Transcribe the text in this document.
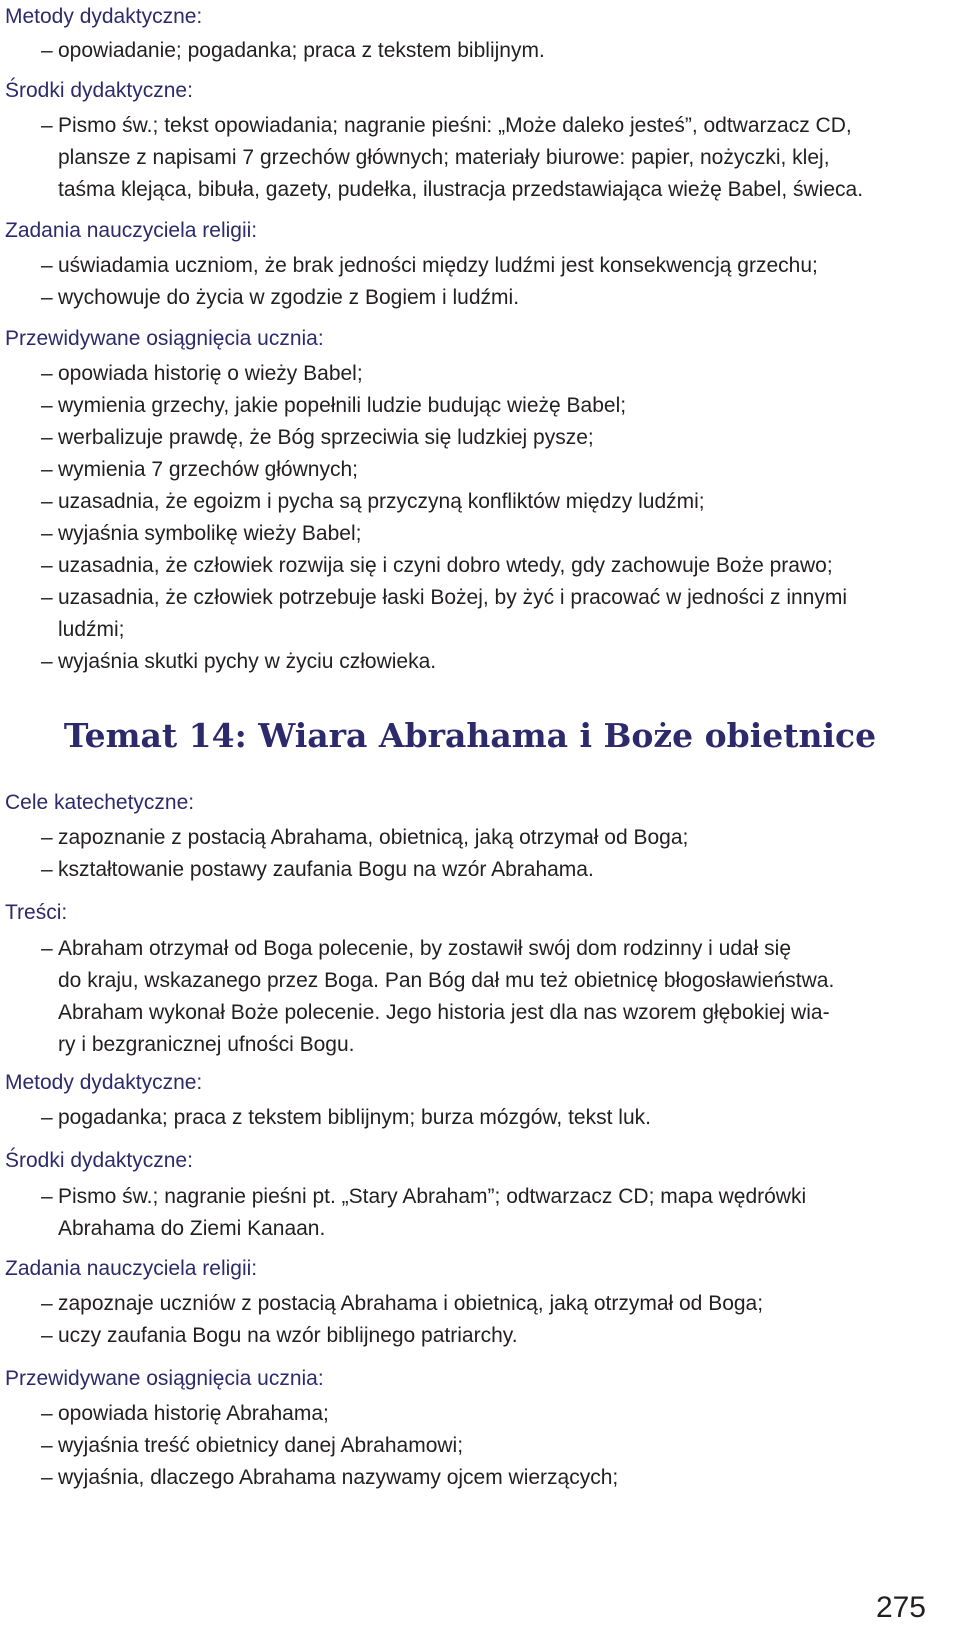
Metody dydaktyczne:
– opowiadanie; pogadanka; praca z tekstem biblijnym.
Środki dydaktyczne:
– Pismo św.; tekst opowiadania; nagranie pieśni: „Może daleko jesteś”, odtwarzacz CD,
plansze z napisami 7 grzechów głównych; materiały biurowe: papier, nożyczki, klej,
taśma klejąca, bibuła, gazety, pudełka, ilustracja przedstawiająca wieżę Babel, świeca.
Zadania nauczyciela religii:
– uświadamia uczniom, że brak jedności między ludźmi jest konsekwencją grzechu;
– wychowuje do życia w zgodzie z Bogiem i ludźmi.
Przewidywane osiągnięcia ucznia:
– opowiada historię o wieży Babel;
– wymienia grzechy, jakie popełnili ludzie budując wieżę Babel;
– werbalizuje prawdę, że Bóg sprzeciwia się ludzkiej pysze;
– wymienia 7 grzechów głównych;
– uzasadnia, że egoizm i pycha są przyczyną konfliktów między ludźmi;
– wyjaśnia symbolikę wieży Babel;
– uzasadnia, że człowiek rozwija się i czyni dobro wtedy, gdy zachowuje Boże prawo;
– uzasadnia, że człowiek potrzebuje łaski Bożej, by żyć i pracować w jedności z innymi
ludźmi;
– wyjaśnia skutki pychy w życiu człowieka.
Temat 14: Wiara Abrahama i Boże obietnice
Cele katechetyczne:
– zapoznanie z postacią Abrahama, obietnicą, jaką otrzymał od Boga;
– kształtowanie postawy zaufania Bogu na wzór Abrahama.
Treści:
– Abraham otrzymał od Boga polecenie, by zostawił swój dom rodzinny i udał się
do kraju, wskazanego przez Boga. Pan Bóg dał mu też obietnicę błogosławieństwa.
Abraham wykonał Boże polecenie. Jego historia jest dla nas wzorem głębokiej wia-
ry i bezgranicznej ufności Bogu.
Metody dydaktyczne:
– pogadanka; praca z tekstem biblijnym; burza mózgów, tekst luk.
Środki dydaktyczne:
– Pismo św.; nagranie pieśni pt. „Stary Abraham”; odtwarzacz CD; mapa wędrówki
Abrahama do Ziemi Kanaan.
Zadania nauczyciela religii:
– zapoznaje uczniów z postacią Abrahama i obietnicą, jaką otrzymał od Boga;
– uczy zaufania Bogu na wzór biblijnego patriarchy.
Przewidywane osiągnięcia ucznia:
– opowiada historię Abrahama;
– wyjaśnia treść obietnicy danej Abrahamowi;
– wyjaśnia, dlaczego Abrahama nazywamy ojcem wierzących;
275
